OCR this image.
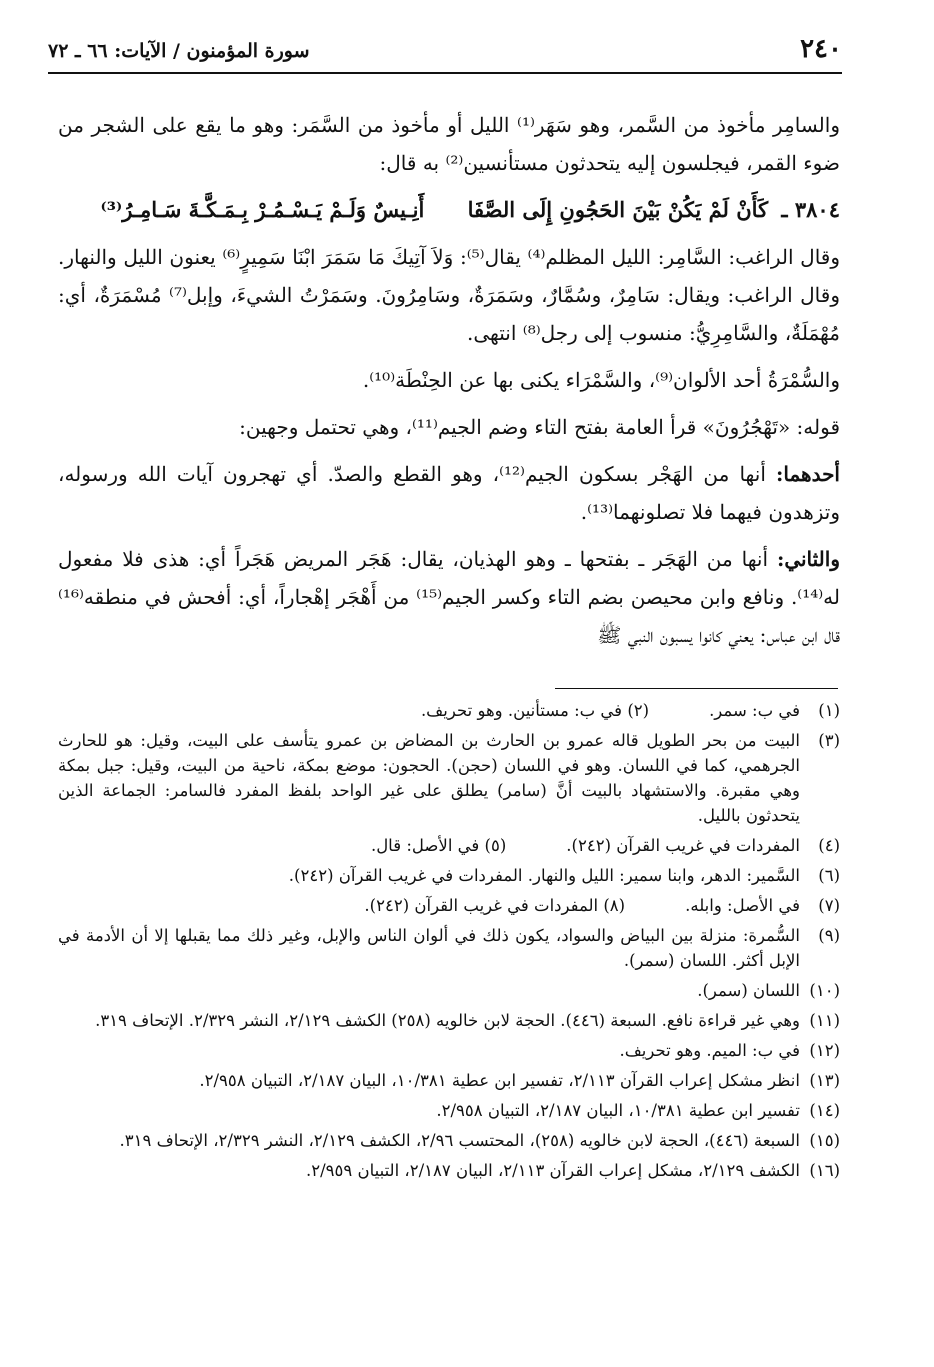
٢٤٠
سورة المؤمنون / الآيات: ٦٦ ـ ٧٢

والسامِر مأخوذ من السَّمر، وهو سَهَر⁽¹⁾ الليل أو مأخوذ من السَّمَر: وهو ما يقع على الشجر من ضوء القمر، فيجلسون إليه يتحدثون مستأنسين⁽²⁾ به قال:

٣٨٠٤ ـ كَأَنْ لَمْ يَكُنْ بَيْنَ الحَجُونِ إِلَى الصَّفَا أَنِـيسٌ وَلَـمْ يَـسْـمُـرْ بِـمَـكَّـةَ سَـامِـرُ⁽³⁾

وقال الراغب: السَّامِر: الليل المظلم⁽⁴⁾ يقال⁽⁵⁾: وَلاَ آتِيكَ مَا سَمَرَ ابْنَا سَمِيرٍ⁽⁶⁾ يعنون الليل والنهار. وقال الراغب: ويقال: سَامِرٌ، وسُمَّارٌ، وسَمَرَةٌ، وسَامِرُونَ. وسَمَرْتُ الشيءَ، وإبل⁽⁷⁾ مُسْمَرَةٌ، أي: مُهْمَلَةٌ، والسَّامِرِيُّ: منسوب إلى رجل⁽⁸⁾ انتهى.

والسُّمْرَةُ أحد الألوان⁽⁹⁾، والسَّمْرَاء يكنى بها عن الحِنْطَة⁽¹⁰⁾.

قوله: «تَهْجُرُونَ» قرأ العامة بفتح التاء وضم الجيم⁽¹¹⁾، وهي تحتمل وجهين:

أحدهما: أنها من الهَجْر بسكون الجيم⁽¹²⁾، وهو القطع والصدّ. أي تهجرون آيات الله ورسوله، وتزهدون فيهما فلا تصلونهما⁽¹³⁾.

والثاني: أنها من الهَجَر ـ بفتحها ـ وهو الهذيان، يقال: هَجَر المريض هَجَراً أي: هذى فلا مفعول له⁽¹⁴⁾. ونافع وابن محيصن بضم التاء وكسر الجيم⁽¹⁵⁾ من أَهْجَر إهْجاراً، أي: أفحش في منطقه⁽¹⁶⁾ قال ابن عباس: يعني كانوا يسبون النبي ﷺ

(١)
في ب: سمر.(٢) في ب: مستأنين. وهو تحريف.
(٣)
البيت من بحر الطويل قاله عمرو بن الحارث بن المضاض بن عمرو يتأسف على البيت، وقيل: هو للحارث الجرهمي، كما في اللسان. وهو في اللسان (حجن). الحجون: موضع بمكة، ناحية من البيت، وقيل: جبل بمكة وهي مقبرة. والاستشهاد بالبيت أنَّ (سامر) يطلق على غير الواحد بلفظ المفرد فالسامر: الجماعة الذين يتحدثون بالليل.
(٤)
المفردات في غريب القرآن (٢٤٢).(٥) في الأصل: قال.
(٦)
السَّمير: الدهر، وابنا سمير: الليل والنهار. المفردات في غريب القرآن (٢٤٢).
(٧)
في الأصل: وابله.(٨) المفردات في غريب القرآن (٢٤٢).
(٩)
السُّمرة: منزلة بين البياض والسواد، يكون ذلك في ألوان الناس والإبل، وغير ذلك مما يقبلها إلا أن الأدمة في الإبل أكثر. اللسان (سمر).
(١٠)
اللسان (سمر).
(١١)
وهي غير قراءة نافع. السبعة (٤٤٦). الحجة لابن خالويه (٢٥٨) الكشف ٢/١٢٩، النشر ٢/٣٢٩. الإتحاف ٣١٩.
(١٢)
في ب: الميم. وهو تحريف.
(١٣)
انظر مشكل إعراب القرآن ٢/١١٣، تفسير ابن عطية ١٠/٣٨١، البيان ٢/١٨٧، التبيان ٢/٩٥٨.
(١٤)
تفسير ابن عطية ١٠/٣٨١، البيان ٢/١٨٧، التبيان ٢/٩٥٨.
(١٥)
السبعة (٤٤٦)، الحجة لابن خالويه (٢٥٨)، المحتسب ٢/٩٦، الكشف ٢/١٢٩، النشر ٢/٣٢٩، الإتحاف ٣١٩.
(١٦)
الكشف ٢/١٢٩، مشكل إعراب القرآن ٢/١١٣، البيان ٢/١٨٧، التبيان ٢/٩٥٩.
